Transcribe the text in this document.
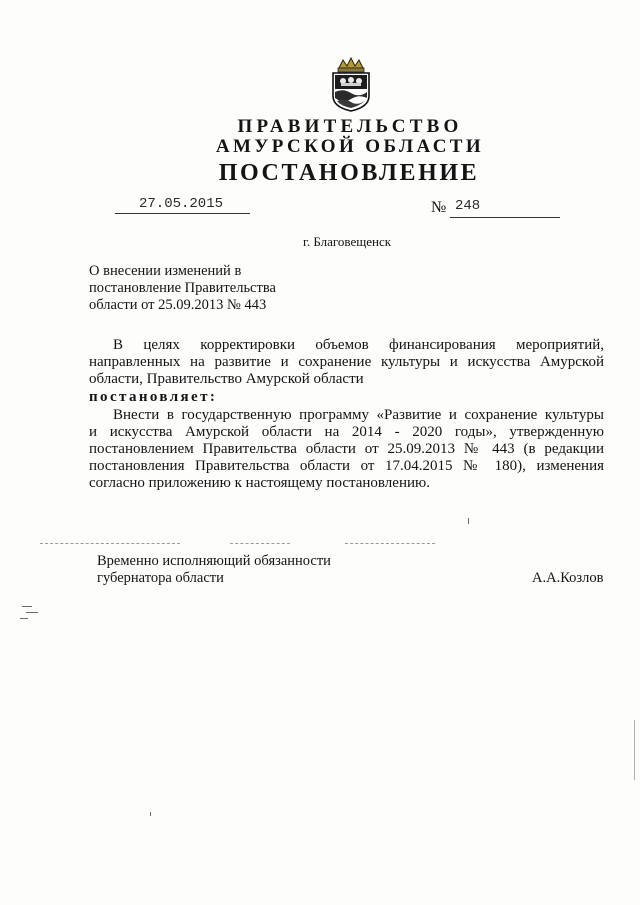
ПРАВИТЕЛЬСТВО
АМУРСКОЙ ОБЛАСТИ
ПОСТАНОВЛЕНИЕ
27.05.2015	№ 248
г. Благовещенск
О внесении изменений в
постановление Правительства
области от 25.09.2013 № 443
В целях корректировки объемов финансирования мероприятий,
направленных на развитие и сохранение культуры и искусства Амурской
области, Правительство Амурской области
постановляет:
Внести в государственную программу «Развитие и сохранение культуры
и искусства Амурской области на 2014 - 2020 годы», утвержденную
постановлением Правительства области от 25.09.2013 № 443 (в редакции
постановления Правительства области от 17.04.2015 № 180), изменения
согласно приложению к настоящему постановлению.
Временно исполняющий обязанности
губернатора области	А.А.Козлов
